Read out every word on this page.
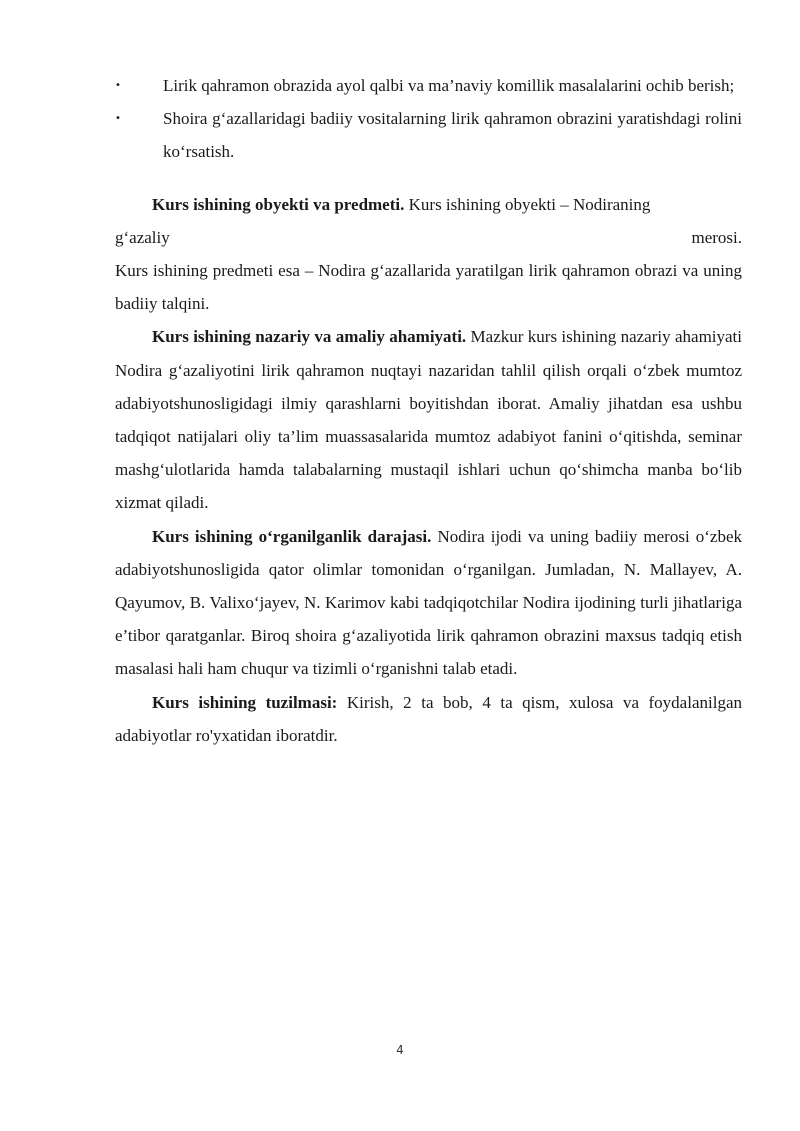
• Lirik qahramon obrazida ayol qalbi va ma’naviy komillik masalalarini ochib berish;
• Shoira g‘azallaridagi badiiy vositalarning lirik qahramon obrazini yaratishdagi rolini ko‘rsatish.

Kurs ishining obyekti va predmeti. Kurs ishining obyekti – Nodiraning

g‘azaliy	merosi.
Kurs ishining predmeti esa – Nodira g‘azallarida yaratilgan lirik qahramon obrazi va uning badiiy talqini.

Kurs ishining nazariy va amaliy ahamiyati. Mazkur kurs ishining nazariy ahamiyati Nodira g‘azaliyotini lirik qahramon nuqtayi nazaridan tahlil qilish orqali o‘zbek mumtoz adabiyotshunosligidagi ilmiy qarashlarni boyitishdan iborat. Amaliy jihatdan esa ushbu tadqiqot natijalari oliy ta’lim muassasalarida mumtoz adabiyot fanini o‘qitishda, seminar mashg‘ulotlarida hamda talabalarning mustaqil ishlari uchun qo‘shimcha manba bo‘lib xizmat qiladi.

Kurs ishining o‘rganilganlik darajasi. Nodira ijodi va uning badiiy merosi o‘zbek adabiyotshunosligida qator olimlar tomonidan o‘rganilgan. Jumladan, N. Mallayev, A. Qayumov, B. Valixo‘jayev, N. Karimov kabi tadqiqotchilar Nodira ijodining turli jihatlariga e’tibor qaratganlar. Biroq shoira g‘azaliyotida lirik qahramon obrazini maxsus tadqiq etish masalasi hali ham chuqur va tizimli o‘rganishni talab etadi.

Kurs ishining tuzilmasi: Kirish, 2 ta bob, 4 ta qism, xulosa va foydalanilgan adabiyotlar ro'yxatidan iboratdir.

4
